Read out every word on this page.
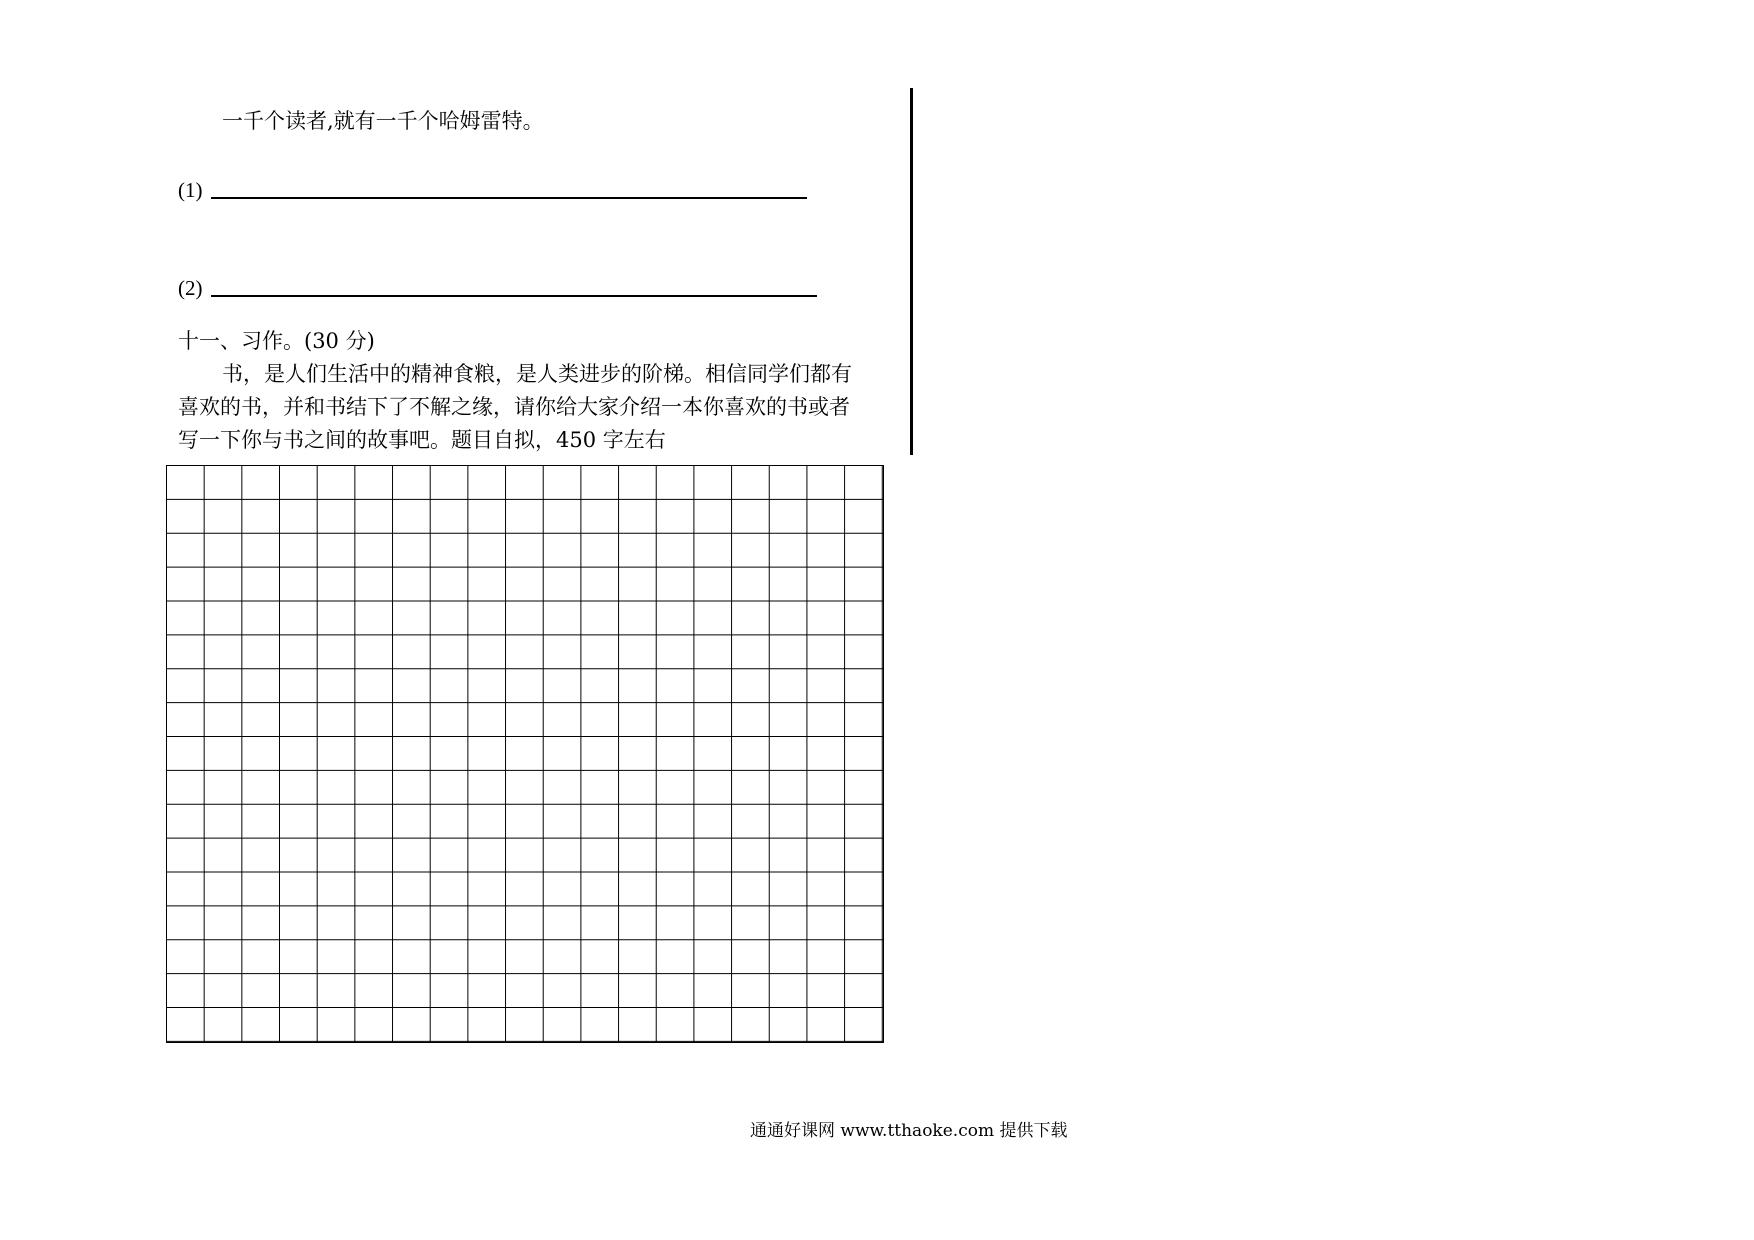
一千个读者,就有一千个哈姆雷特。
(1)
(2)
十一、习作。(30 分)
书，是人们生活中的精神食粮，是人类进步的阶梯。相信同学们都有
喜欢的书，并和书结下了不解之缘，请你给大家介绍一本你喜欢的书或者
写一下你与书之间的故事吧。题目自拟，450 字左右
通通好课网 www.tthaoke.com 提供下载
